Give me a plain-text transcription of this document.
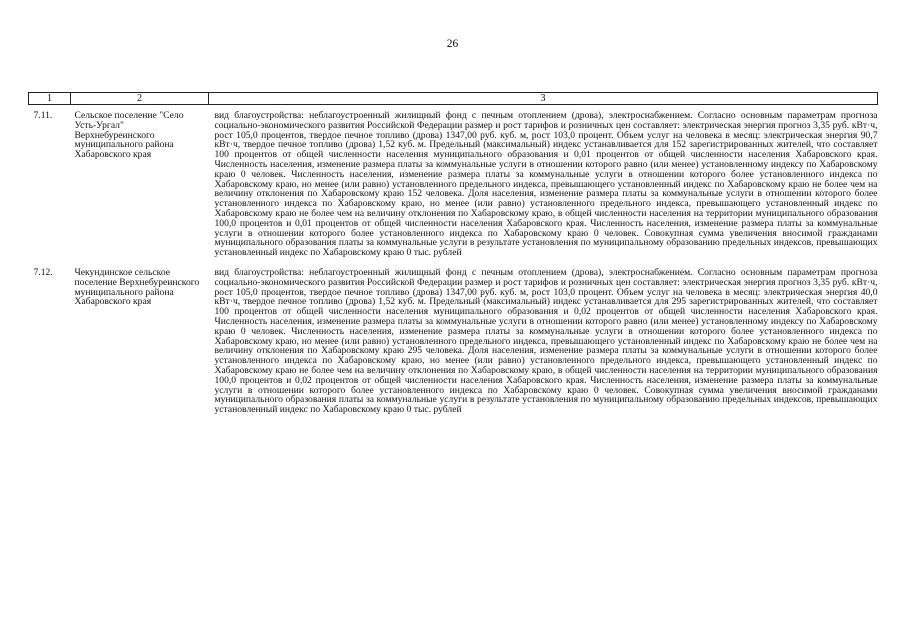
26
1	2	3
7.11.	Сельское поселение "Село Усть-Ургал" Верхнебуреинского муниципального района Хабаровского края	вид благоустройства: неблагоустроенный жилищный фонд с печным отоплением (дрова), электроснабжением. Согласно основным параметрам прогноза социально-экономического развития Российской Федерации размер и рост тарифов и розничных цен составляет: электрическая энергия прогноз 3,35 руб. кВт·ч, рост 105,0 процентов, твердое печное топливо (дрова) 1347,00 руб. куб. м, рост 103,0 процент. Объем услуг на человека в месяц: электрическая энергия 90,7 кВт·ч, твердое печное топливо (дрова) 1,52 куб. м. Предельный (максимальный) индекс устанавливается для 152 зарегистрированных жителей, что составляет 100 процентов от общей численности населения муниципального образования и 0,01 процентов от общей численности населения Хабаровского края. Численность населения, изменение размера платы за коммунальные услуги в отношении которого равно (или менее) установленному индексу по Хабаровскому краю 0 человек. Численность населения, изменение размера платы за коммунальные услуги в отношении которого более установленного индекса по Хабаровскому краю, но менее (или равно) установленного предельного индекса, превышающего установленный индекс по Хабаровскому краю не более чем на величину отклонения по Хабаровскому краю 152 человека. Доля населения, изменение размера платы за коммунальные услуги в отношении которого более установленного индекса по Хабаровскому краю, но менее (или равно) установленного предельного индекса, превышающего установленный индекс по Хабаровскому краю не более чем на величину отклонения по Хабаровскому краю, в общей численности населения на территории муниципального образования 100,0 процентов и 0,01 процентов от общей численности населения Хабаровского края. Численность населения, изменение размера платы за коммунальные услуги в отношении которого более установленного индекса по Хабаровскому краю 0 человек. Совокупная сумма увеличения вносимой гражданами муниципального образования платы за коммунальные услуги в результате установления по муниципальному образованию предельных индексов, превышающих установленный индекс по Хабаровскому краю 0 тыс. рублей
7.12.	Чекундинское сельское поселение Верхнебуреинского муниципального района Хабаровского края	вид благоустройства: неблагоустроенный жилищный фонд с печным отоплением (дрова), электроснабжением. Согласно основным параметрам прогноза социально-экономического развития Российской Федерации размер и рост тарифов и розничных цен составляет: электрическая энергия прогноз 3,35 руб. кВт·ч, рост 105,0 процентов, твердое печное топливо (дрова) 1347,00 руб. куб. м, рост 103,0 процент. Объем услуг на человека в месяц: электрическая энергия 40,0 кВт·ч, твердое печное топливо (дрова) 1,52 куб. м. Предельный (максимальный) индекс устанавливается для 295 зарегистрированных жителей, что составляет 100 процентов от общей численности населения муниципального образования и 0,02 процентов от общей численности населения Хабаровского края. Численность населения, изменение размера платы за коммунальные услуги в отношении которого равно (или менее) установленному индексу по Хабаровскому краю 0 человек. Численность населения, изменение размера платы за коммунальные услуги в отношении которого более установленного индекса по Хабаровскому краю, но менее (или равно) установленного предельного индекса, превышающего установленный индекс по Хабаровскому краю не более чем на величину отклонения по Хабаровскому краю 295 человека. Доля населения, изменение размера платы за коммунальные услуги в отношении которого более установленного индекса по Хабаровскому краю, но менее (или равно) установленного предельного индекса, превышающего установленный индекс по Хабаровскому краю не более чем на величину отклонения по Хабаровскому краю, в общей численности населения на территории муниципального образования 100,0 процентов и 0,02 процентов от общей численности населения Хабаровского края. Численность населения, изменение размера платы за коммунальные услуги в отношении которого более установленного индекса по Хабаровскому краю 0 человек. Совокупная сумма увеличения вносимой гражданами муниципального образования платы за коммунальные услуги в результате установления по муниципальному образованию предельных индексов, превышающих установленный индекс по Хабаровскому краю 0 тыс. рублей
